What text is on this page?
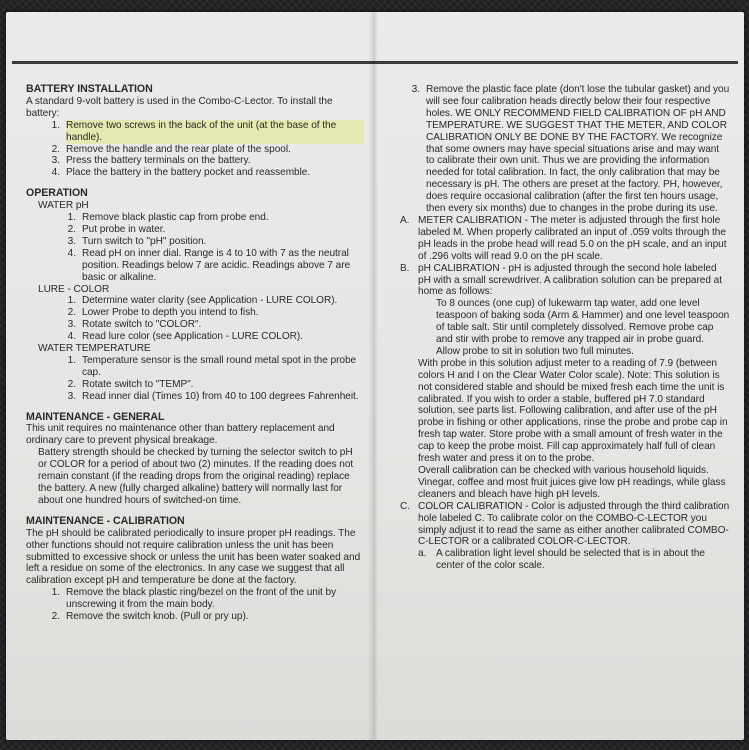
BATTERY INSTALLATION

A standard 9-volt battery is used in the Combo-C-Lector. To install the battery:

1. Remove two screws in the back of the unit (at the base of the handle).
2. Remove the handle and the rear plate of the spool.
3. Press the battery terminals on the battery.
4. Place the battery in the battery pocket and reassemble.

OPERATION

WATER pH

1. Remove black plastic cap from probe end.
2. Put probe in water.
3. Turn switch to "pH" position.
4. Read pH on inner dial. Range is 4 to 10 with 7 as the neutral position. Readings below 7 are acidic. Readings above 7 are basic or alkaline.

LURE - COLOR

1. Determine water clarity (see Application - LURE COLOR).
2. Lower Probe to depth you intend to fish.
3. Rotate switch to "COLOR".
4. Read lure color (see Application - LURE COLOR).

WATER TEMPERATURE

1. Temperature sensor is the small round metal spot in the probe cap.
2. Rotate switch to "TEMP".
3. Read inner dial (Times 10) from 40 to 100 degrees Fahrenheit.

MAINTENANCE - GENERAL

This unit requires no maintenance other than battery replacement and ordinary care to prevent physical breakage.

Battery strength should be checked by turning the selector switch to pH or COLOR for a period of about two (2) minutes. If the reading does not remain constant (if the reading drops from the original reading) replace the battery. A new (fully charged alkaline) battery will normally last for about one hundred hours of switched-on time.

MAINTENANCE - CALIBRATION

The pH should be calibrated periodically to insure proper pH readings. The other functions should not require calibration unless the unit has been submitted to excessive shock or unless the unit has been water soaked and left a residue on some of the electronics. In any case we suggest that all calibration except pH and temperature be done at the factory.

1. Remove the black plastic ring/bezel on the front of the unit by unscrewing it from the main body.
2. Remove the switch knob. (Pull or pry up).
3. Remove the plastic face plate (don't lose the tubular gasket) and you will see four calibration heads directly below their four respective holes. WE ONLY RECOMMEND FIELD CALIBRATION OF pH AND TEMPERATURE. WE SUGGEST THAT THE METER, AND COLOR CALIBRATION ONLY BE DONE BY THE FACTORY. We recognize that some owners may have special situations arise and may want to calibrate their own unit. Thus we are providing the information needed for total calibration. In fact, the only calibration that may be necessary is pH. The others are preset at the factory. PH, however, does require occasional calibration (after the first ten hours usage, then every six months) due to changes in the probe during its use.
A. METER CALIBRATION - The meter is adjusted through the first hole labeled M. When properly calibrated an input of .059 volts through the pH leads in the probe head will read 5.0 on the pH scale, and an input of .296 volts will read 9.0 on the pH scale.
B. pH CALIBRATION - pH is adjusted through the second hole labeled pH with a small screwdriver. A calibration solution can be prepared at home as follows:
To 8 ounces (one cup) of lukewarm tap water, add one level teaspoon of baking soda (Arm & Hammer) and one level teaspoon of table salt. Stir until completely dissolved. Remove probe cap and stir with probe to remove any trapped air in probe guard. Allow probe to sit in solution two full minutes.
With probe in this solution adjust meter to a reading of 7.9 (between colors H and I on the Clear Water Color scale). Note: This solution is not considered stable and should be mixed fresh each time the unit is calibrated. If you wish to order a stable, buffered pH 7.0 standard solution, see parts list. Following calibration, and after use of the pH probe in fishing or other applications, rinse the probe and probe cap in fresh tap water. Store probe with a small amount of fresh water in the cap to keep the probe moist. Fill cap approximately half full of clean fresh water and press it on to the probe.
Overall calibration can be checked with various household liquids. Vinegar, coffee and most fruit juices give low pH readings, while glass cleaners and bleach have high pH levels.
C. COLOR CALIBRATION - Color is adjusted through the third calibration hole labeled C. To calibrate color on the COMBO-C-LECTOR you simply adjust it to read the same as either another calibrated COMBO-C-LECTOR or a calibrated COLOR-C-LECTOR.
a. A calibration light level should be selected that is in about the center of the color scale.
